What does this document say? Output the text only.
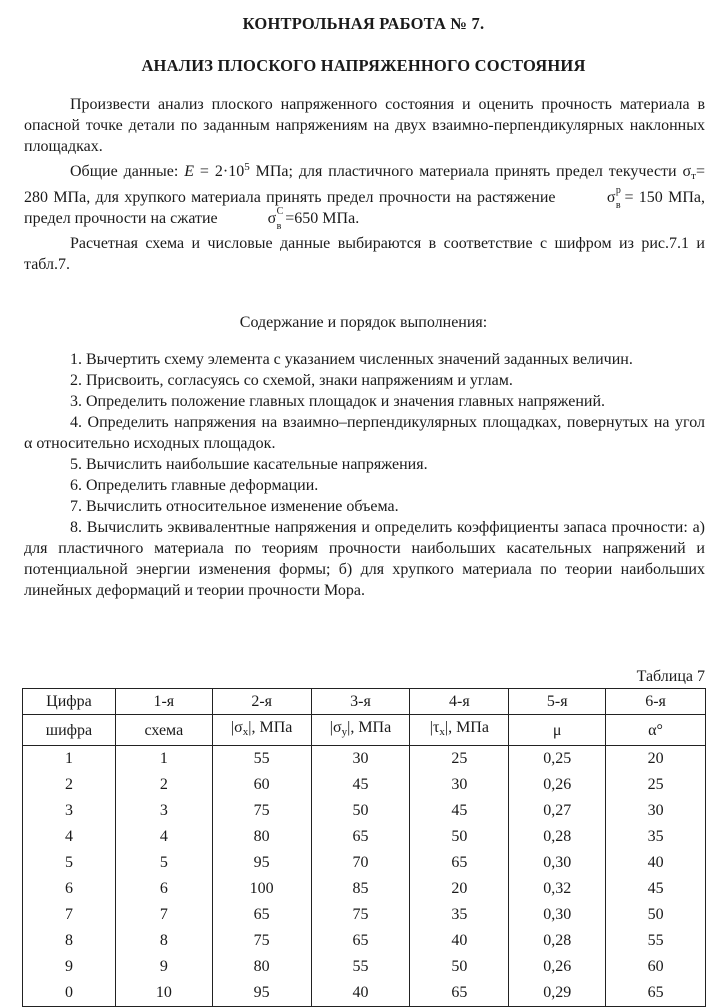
КОНТРОЛЬНАЯ РАБОТА № 7.
АНАЛИЗ ПЛОСКОГО НАПРЯЖЕННОГО СОСТОЯНИЯ

Произвести анализ плоского напряженного состояния и оценить прочность материала в опасной точке детали по заданным напряжениям на двух взаимно-перпендикулярных наклонных площадках.

Общие данные: $E = 2\cdot 10^5$ МПа; для пластичного материала принять предел текучести $\sigma_т= 280$ МПа, для хрупкого материала принять предел прочности на растяжение	σ р
в = 150 МПа, предел прочности на сжатие	σ С
в =650 МПа.

Расчетная схема и числовые данные выбираются в соответствие с шифром из рис.7.1 и табл.7.

Содержание и порядок выполнения:

1. Вычертить схему элемента с указанием численных значений заданных величин.

2. Присвоить, согласуясь со схемой, знаки напряжениям и углам.

3. Определить положение главных площадок и значения главных напряжений.

4. Определить напряжения на взаимно–перпендикулярных площадках, повернутых на угол α относительно исходных площадок.

5. Вычислить наибольшие касательные напряжения.

6. Определить главные деформации.

7. Вычислить относительное изменение объема.

8. Вычислить эквивалентные напряжения и определить коэффициенты запаса прочности: а) для пластичного материала по теориям прочности наибольших касательных напряжений и потенциальной энергии изменения формы; б) для хрупкого материала по теории наибольших линейных деформаций и теории прочности Мора.

Таблица 7
Цифра	1-я	2-я	3-я	4-я	5-я	6-я
шифра	схема	$|\sigma_x|$, МПа	$|\sigma_y|$, МПа	$|\tau_x|$, МПа	μ	α°
1	1	55	30	25	0,25	20
2	2	60	45	30	0,26	25
3	3	75	50	45	0,27	30
4	4	80	65	50	0,28	35
5	5	95	70	65	0,30	40
6	6	100	85	20	0,32	45
7	7	65	75	35	0,30	50
8	8	75	65	40	0,28	55
9	9	80	55	50	0,26	60
0	10	95	40	65	0,29	65
